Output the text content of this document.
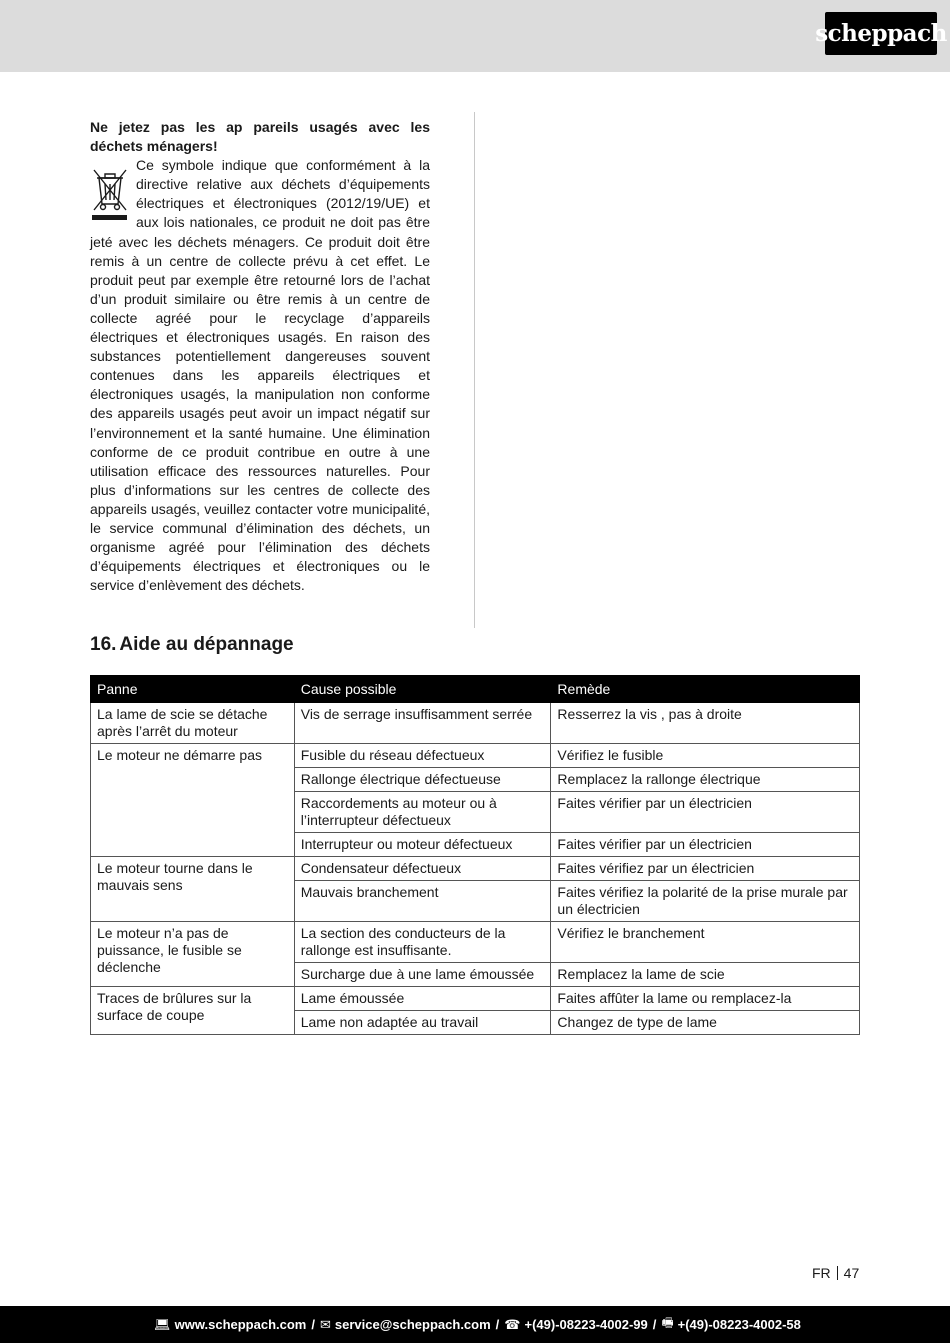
scheppach

Ne jetez pas les ap pareils usagés avec les déchets ménagers!

Ce symbole indique que conformément à la directive relative aux déchets d’équipements électriques et électroniques (2012/19/UE) et aux lois nationales, ce produit ne doit pas être jeté avec les déchets ménagers. Ce produit doit être remis à un centre de collecte prévu à cet effet. Le produit peut par exemple être retourné lors de l’achat d’un produit similaire ou être remis à un centre de collecte agréé pour le recyclage d’appareils électriques et électroniques usagés. En raison des substances potentiellement dangereuses souvent contenues dans les appareils électriques et électroniques usagés, la manipulation non conforme des appareils usagés peut avoir un impact négatif sur l’environnement et la santé humaine. Une élimination conforme de ce produit contribue en outre à une utilisation efficace des ressources naturelles. Pour plus d’informations sur les centres de collecte des appareils usagés, veuillez contacter votre municipalité, le service communal d’élimination des déchets, un organisme agréé pour l’élimination des déchets d’équipements électriques et électroniques ou le service d’enlèvement des déchets.

16. Aide au dépannage
Panne	Cause possible	Remède
La lame de scie se détache après l’arrêt du moteur	Vis de serrage insuffisamment serrée	Resserrez la vis , pas à droite
Le moteur ne démarre pas	Fusible du réseau défectueux	Vérifiez le fusible
	Rallonge électrique défectueuse	Remplacez la rallonge électrique
	Raccordements au moteur ou à l’interrupteur défectueux	Faites vérifier par un électricien
	Interrupteur ou moteur défectueux	Faites vérifier par un électricien
Le moteur tourne dans le mauvais sens	Condensateur défectueux	Faites vérifiez par un électricien
	Mauvais branchement	Faites vérifiez la polarité de la prise murale par un électricien
Le moteur n’a pas de puissance, le fusible se déclenche	La section des conducteurs de la rallonge est insuffisante.	Vérifiez le branchement
	Surcharge due à une lame émoussée	Remplacez la lame de scie
Traces de brûlures sur la surface de coupe	Lame émoussée	Faites affûter la lame ou remplacez-la
	Lame non adaptée au travail	Changez de type de lame
FR 47
💻︎ www.scheppach.com / ✉︎ service@scheppach.com / ☎︎ +(49)-08223-4002-99 / 🖷︎ +(49)-08223-4002-58
